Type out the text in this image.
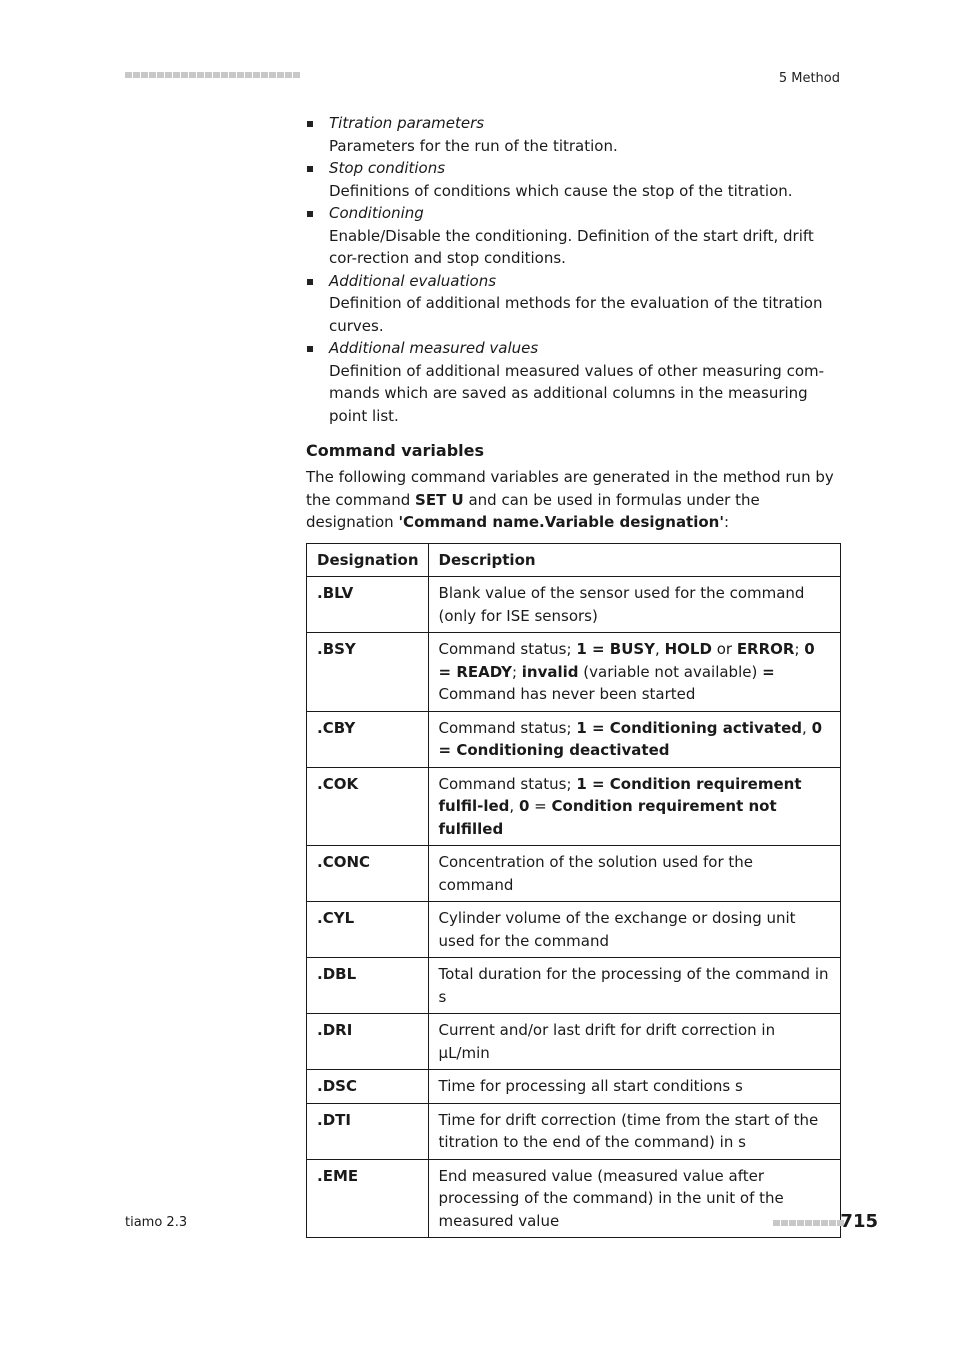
5 Method
Titration parameters
Parameters for the run of the titration.
Stop conditions
Definitions of conditions which cause the stop of the titration.
Conditioning
Enable/Disable the conditioning. Definition of the start drift, drift cor-rection and stop conditions.
Additional evaluations
Definition of additional methods for the evaluation of the titration curves.
Additional measured values
Definition of additional measured values of other measuring com-mands which are saved as additional columns in the measuring point list.
Command variables

The following command variables are generated in the method run by the command SET U and can be used in formulas under the designation 'Command name.Variable designation':

Designation	Description
.BLV	Blank value of the sensor used for the command (only for ISE sensors)
.BSY	Command status; 1 = BUSY, HOLD or ERROR; 0 = READY; invalid (variable not available) = Command has never been started
.CBY	Command status; 1 = Conditioning activated, 0 = Conditioning deactivated
.COK	Command status; 1 = Condition requirement fulfil-led, 0 = Condition requirement not fulfilled
.CONC	Concentration of the solution used for the command
.CYL	Cylinder volume of the exchange or dosing unit used for the command
.DBL	Total duration for the processing of the command in s
.DRI	Current and/or last drift for drift correction in µL/min
.DSC	Time for processing all start conditions s
.DTI	Time for drift correction (time from the start of the titration to the end of the command) in s
.EME	End measured value (measured value after processing of the command) in the unit of the measured value
tiamo 2.3	715
